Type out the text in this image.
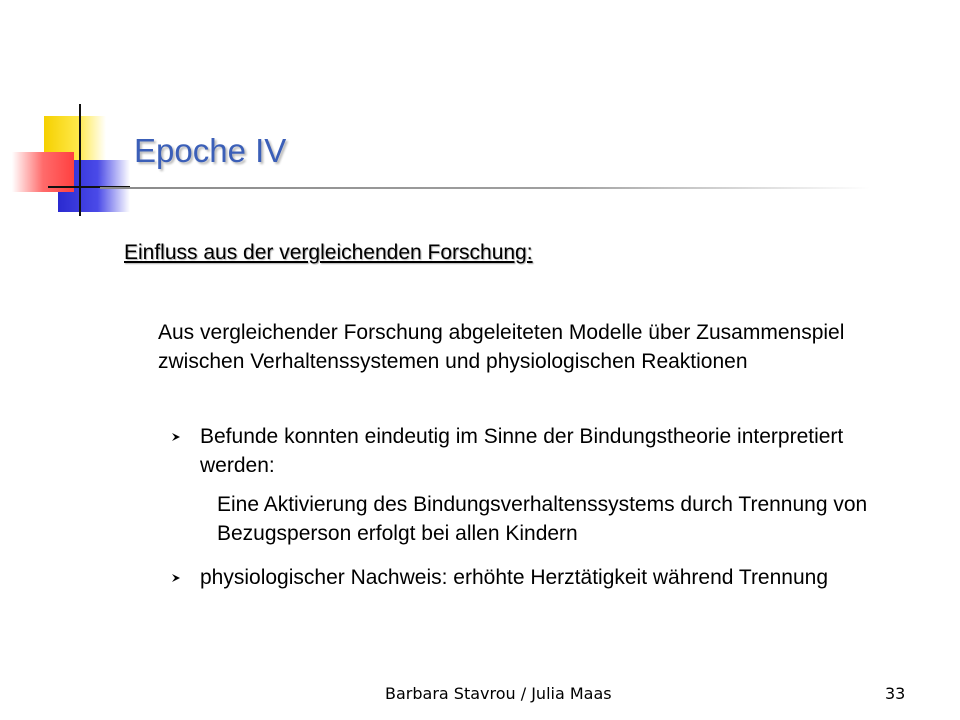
Epoche IV
Einfluss aus der vergleichenden Forschung:
Aus vergleichender Forschung abgeleiteten Modelle über Zusammenspiel zwischen Verhaltenssystemen und physiologischen Reaktionen
Befunde konnten eindeutig im Sinne der Bindungstheorie interpretiert werden:
Eine Aktivierung des Bindungsverhaltenssystems durch Trennung von Bezugsperson erfolgt bei allen Kindern
physiologischer Nachweis: erhöhte Herztätigkeit während Trennung
Barbara Stavrou / Julia Maas	33
